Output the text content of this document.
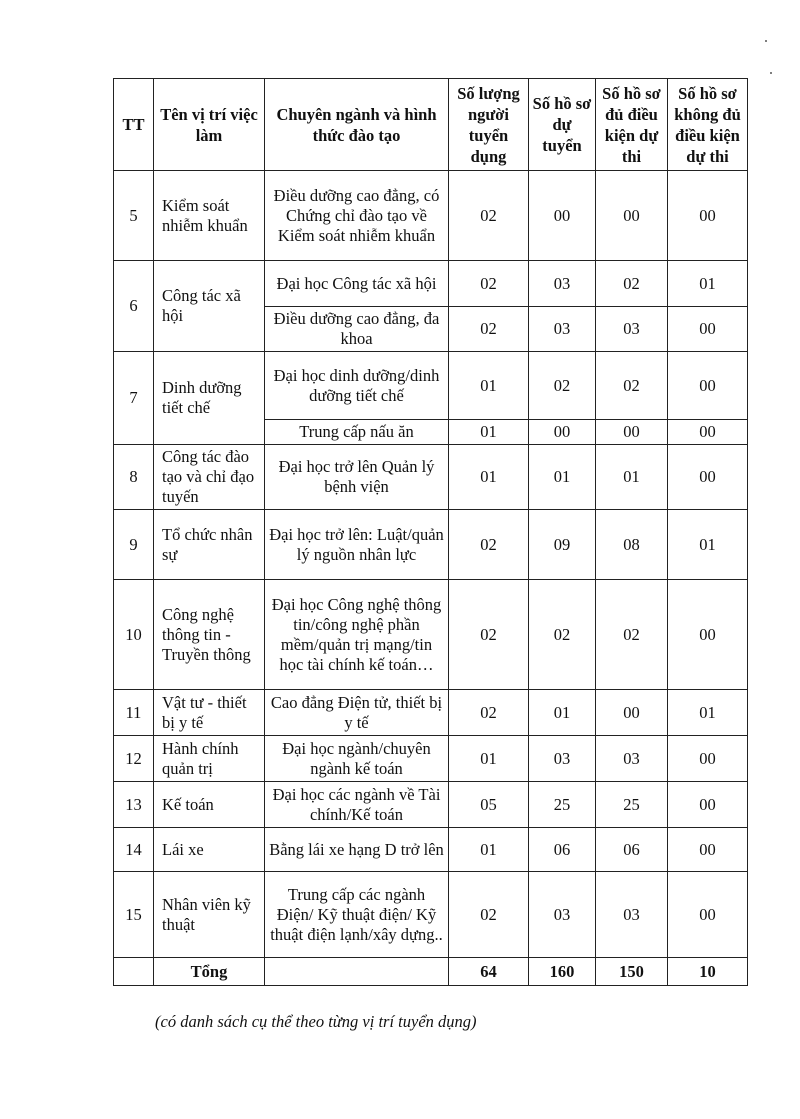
TT	Tên vị trí việc làm	Chuyên ngành và hình thức đào tạo	Số lượng người tuyển dụng	Số hồ sơ dự tuyển	Số hồ sơ đủ điều kiện dự thi	Số hồ sơ không đủ điều kiện dự thi
5	Kiểm soát nhiễm khuẩn	Điều dưỡng cao đẳng, có Chứng chỉ đào tạo về Kiểm soát nhiễm khuẩn	02	00	00	00
6	Công tác xã hội	Đại học Công tác xã hội	02	03	02	01
		Điều dưỡng cao đẳng, đa khoa	02	03	03	00
7	Dinh dưỡng tiết chế	Đại học dinh dưỡng/dinh dưỡng tiết chế	01	02	02	00
		Trung cấp nấu ăn	01	00	00	00
8	Công tác đào tạo và chỉ đạo tuyến	Đại học trở lên Quản lý bệnh viện	01	01	01	00
9	Tổ chức nhân sự	Đại học trở lên: Luật/quản lý nguồn nhân lực	02	09	08	01
10	Công nghệ thông tin - Truyền thông	Đại học Công nghệ thông tin/công nghệ phần mềm/quản trị mạng/tin học tài chính kế toán…	02	02	02	00
11	Vật tư - thiết bị y tế	Cao đẳng Điện tử, thiết bị y tế	02	01	00	01
12	Hành chính quản trị	Đại học ngành/chuyên ngành kế toán	01	03	03	00
13	Kế toán	Đại học các ngành về Tài chính/Kế toán	05	25	25	00
14	Lái xe	Bằng lái xe hạng D trở lên	01	06	06	00
15	Nhân viên kỹ thuật	Trung cấp các ngành Điện/ Kỹ thuật điện/ Kỹ thuật điện lạnh/xây dựng..	02	03	03	00
	Tổng		64	160	150	10
(có danh sách cụ thể theo từng vị trí tuyển dụng)
